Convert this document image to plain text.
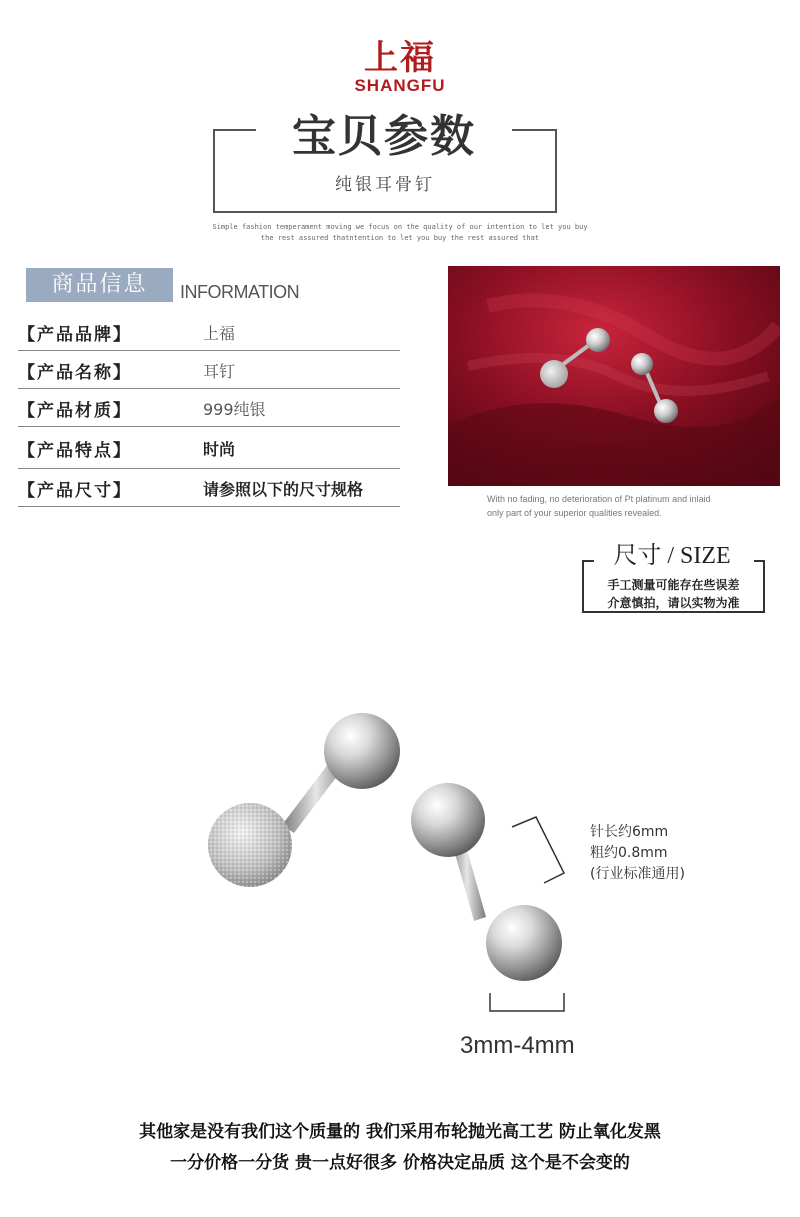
上福
SHANGFU
宝贝参数
纯银耳骨钉
Simple fashion temperament moving we focus on the quality of our intention to let you buy
the rest assured thatntention to let you buy the rest assured that
商品信息	INFORMATION
【产品品牌】	上福
【产品名称】	耳钉
【产品材质】	999纯银
【产品特点】	时尚
【产品尺寸】	请参照以下的尺寸规格	With no fading, no deterioration of Pt platinum and inlaid
only part of your superior qualities revealed.
尺寸 / SIZE
手工测量可能存在些误差
介意慎拍，请以实物为准
针长约6mm
粗约0.8mm
(行业标准通用)
3mm-4mm
其他家是没有我们这个质量的 我们采用布轮抛光高工艺 防止氧化发黑
一分价格一分货 贵一点好很多 价格决定品质 这个是不会变的
